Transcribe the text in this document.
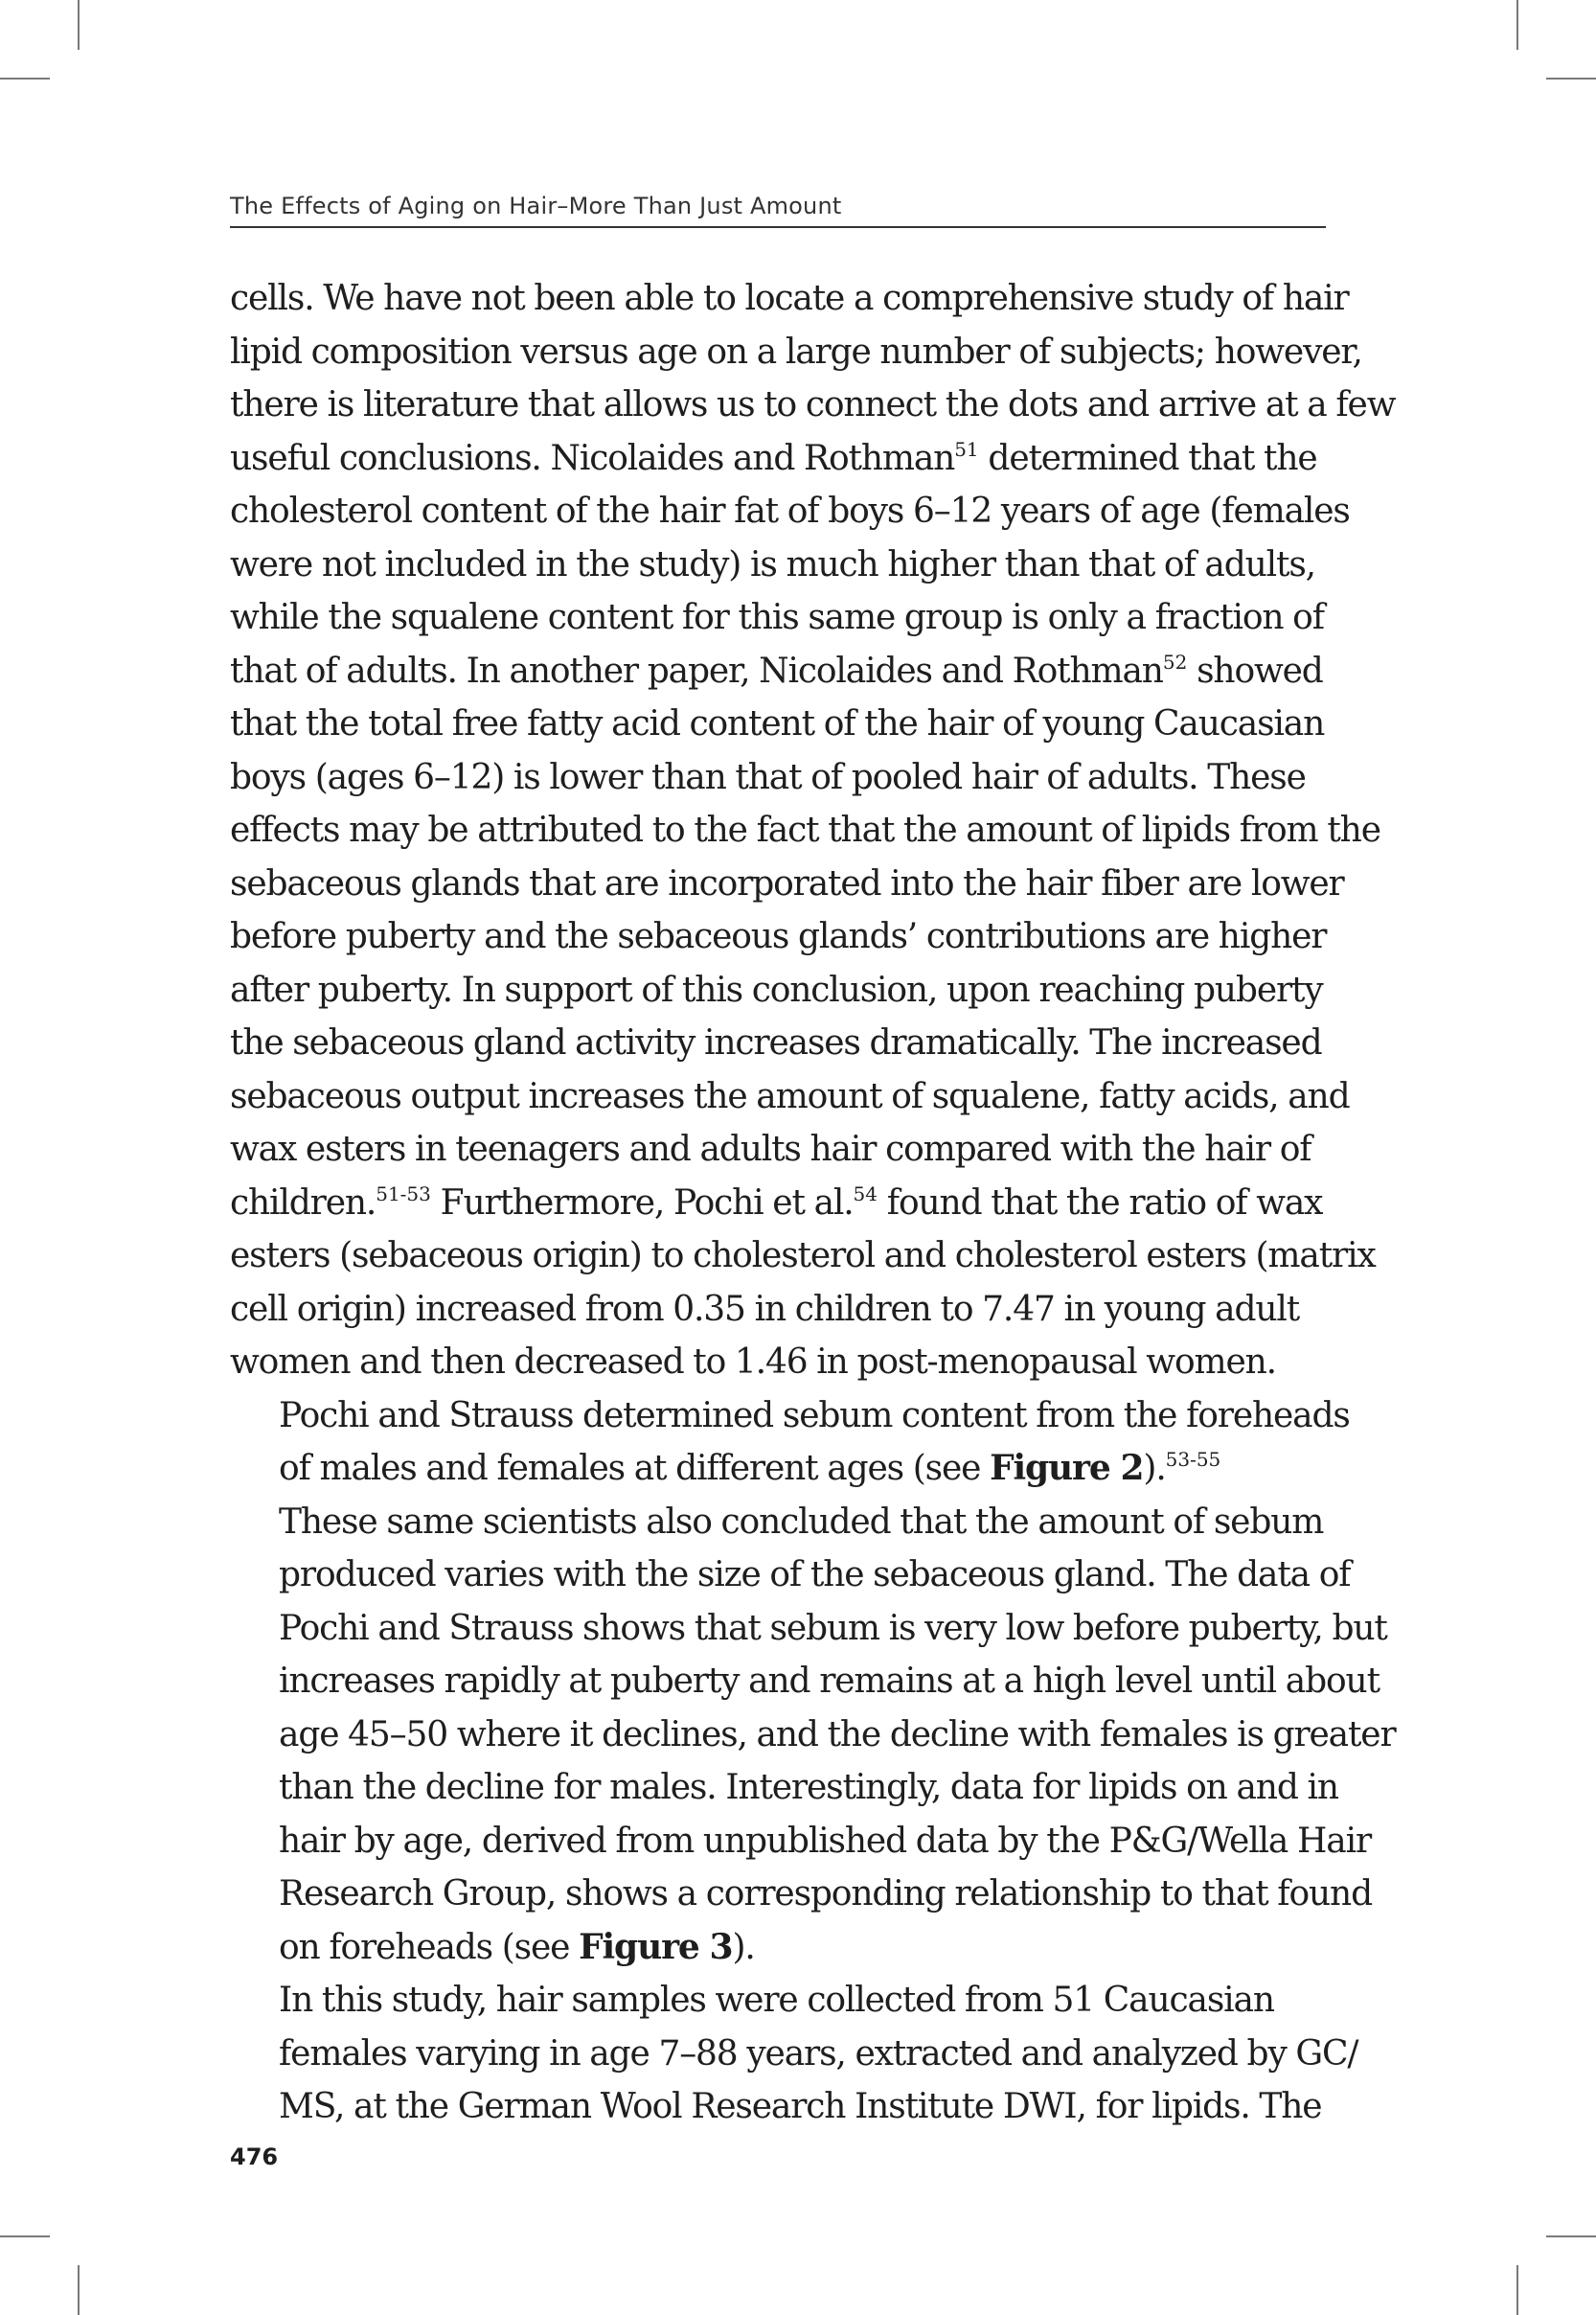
The Effects of Aging on Hair–More Than Just Amount

cells. We have not been able to locate a comprehensive study of hair
lipid composition versus age on a large number of subjects; however,
there is literature that allows us to connect the dots and arrive at a few
useful conclusions. Nicolaides and Rothman$^{51}$ determined that the
cholesterol content of the hair fat of boys 6–12 years of age (females
were not included in the study) is much higher than that of adults,
while the squalene content for this same group is only a fraction of
that of adults. In another paper, Nicolaides and Rothman$^{52}$ showed
that the total free fatty acid content of the hair of young Caucasian
boys (ages 6–12) is lower than that of pooled hair of adults. These
effects may be attributed to the fact that the amount of lipids from the
sebaceous glands that are incorporated into the hair fiber are lower
before puberty and the sebaceous glands’ contributions are higher
after puberty. In support of this conclusion, upon reaching puberty
the sebaceous gland activity increases dramatically. The increased
sebaceous output increases the amount of squalene, fatty acids, and
wax esters in teenagers and adults hair compared with the hair of
children.$^{51-53}$ Furthermore, Pochi et al.$^{54}$ found that the ratio of wax
esters (sebaceous origin) to cholesterol and cholesterol esters (matrix
cell origin) increased from 0.35 in children to 7.47 in young adult
women and then decreased to 1.46 in post-menopausal women.

Pochi and Strauss determined sebum content from the foreheads
of males and females at different ages (see Figure 2).$^{53-55}$

These same scientists also concluded that the amount of sebum
produced varies with the size of the sebaceous gland. The data of
Pochi and Strauss shows that sebum is very low before puberty, but
increases rapidly at puberty and remains at a high level until about
age 45–50 where it declines, and the decline with females is greater
than the decline for males. Interestingly, data for lipids on and in
hair by age, derived from unpublished data by the P&G/Wella Hair
Research Group, shows a corresponding relationship to that found
on foreheads (see Figure 3).

In this study, hair samples were collected from 51 Caucasian
females varying in age 7–88 years, extracted and analyzed by GC/
MS, at the German Wool Research Institute DWI, for lipids. The

476
